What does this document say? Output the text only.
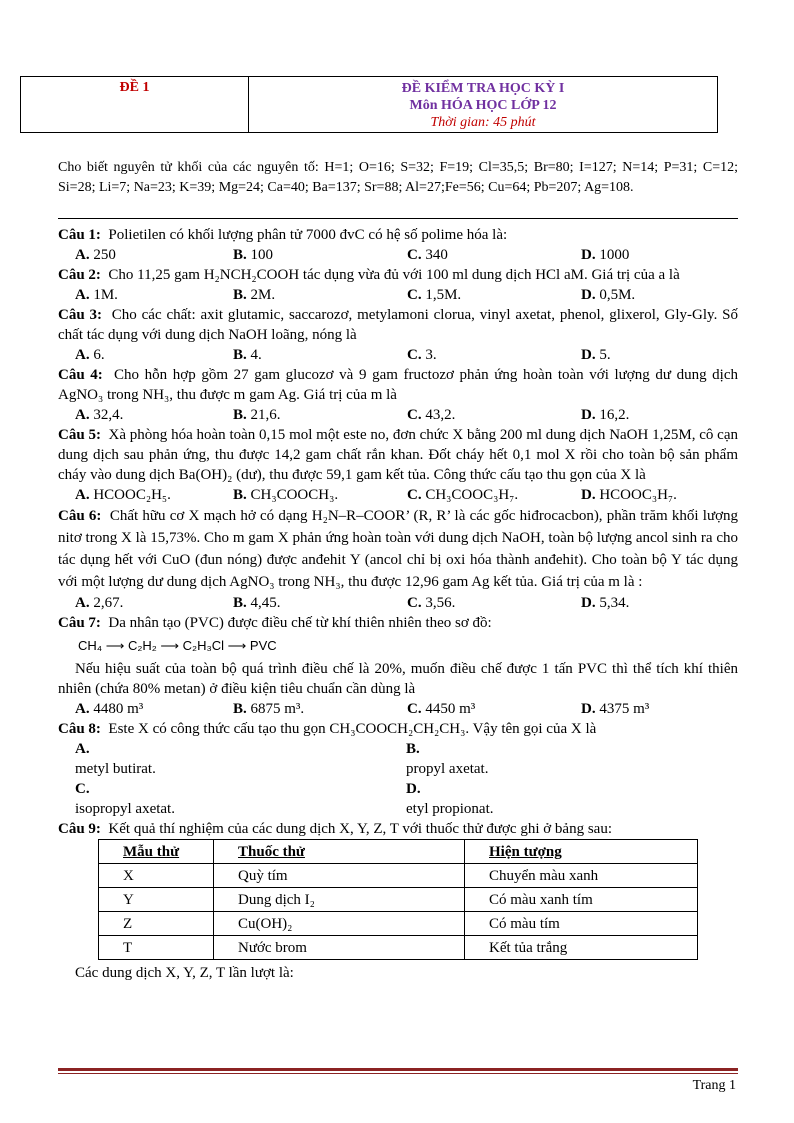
ĐỀ 1	ĐỀ KIỂM TRA HỌC KỲ I
Môn HÓA HỌC LỚP 12
Thời gian: 45 phút
Cho biết nguyên tử khối của các nguyên tố: H=1; O=16; S=32; F=19; Cl=35,5; Br=80; I=127; N=14; P=31; C=12; Si=28; Li=7; Na=23; K=39; Mg=24; Ca=40; Ba=137; Sr=88; Al=27;Fe=56; Cu=64; Pb=207; Ag=108.

Câu 1: Polietilen có khối lượng phân tử 7000 đvC có hệ số polime hóa là:

A. 250	B. 100	C. 340	D. 1000

Câu 2: Cho 11,25 gam H₂NCH₂COOH tác dụng vừa đủ với 100 ml dung dịch HCl aM. Giá trị của a là

A. 1M.	B. 2M.	C. 1,5M.	D. 0,5M.

Câu 3: Cho các chất: axit glutamic, saccarozơ, metylamoni clorua, vinyl axetat, phenol, glixerol, Gly-Gly. Số chất tác dụng với dung dịch NaOH loãng, nóng là

A. 6.	B. 4.	C. 3.	D. 5.

Câu 4: Cho hỗn hợp gồm 27 gam glucozơ và 9 gam fructozơ phản ứng hoàn toàn với lượng dư dung dịch AgNO₃ trong NH₃, thu được m gam Ag. Giá trị của m là

A. 32,4.	B. 21,6.	C. 43,2.	D. 16,2.

Câu 5: Xà phòng hóa hoàn toàn 0,15 mol một este no, đơn chức X bằng 200 ml dung dịch NaOH 1,25M, cô cạn dung dịch sau phản ứng, thu được 14,2 gam chất rắn khan. Đốt cháy hết 0,1 mol X rồi cho toàn bộ sản phẩm cháy vào dung dịch Ba(OH)₂ (dư), thu được 59,1 gam kết tủa. Công thức cấu tạo thu gọn của X là

A. HCOOC₂H₅.	B. CH₃COOCH₃.	C. CH₃COOC₃H₇.	D. HCOOC₃H₇.

Câu 6: Chất hữu cơ X mạch hở có dạng H₂N–R–COOR’ (R, R’ là các gốc hiđrocacbon), phần trăm khối lượng nitơ trong X là 15,73%. Cho m gam X phản ứng hoàn toàn với dung dịch NaOH, toàn bộ lượng ancol sinh ra cho tác dụng hết với CuO (đun nóng) được anđehit Y (ancol chỉ bị oxi hóa thành anđehit). Cho toàn bộ Y tác dụng với một lượng dư dung dịch AgNO₃ trong NH₃, thu được 12,96 gam Ag kết tủa. Giá trị của m là :

A. 2,67.	B. 4,45.	C. 3,56.	D. 5,34.

Câu 7: Da nhân tạo (PVC) được điều chế từ khí thiên nhiên theo sơ đồ:

CH₄ ⟶ C₂H₂ ⟶ C₂H₃Cl ⟶ PVC

Nếu hiệu suất của toàn bộ quá trình điều chế là 20%, muốn điều chế được 1 tấn PVC thì thể tích khí thiên nhiên (chứa 80% metan) ở điều kiện tiêu chuẩn cần dùng là

A. 4480 m³	B. 6875 m³.	C. 4450 m³	D. 4375 m³

Câu 8: Este X có công thức cấu tạo thu gọn CH₃COOCH₂CH₂CH₃. Vậy tên gọi của X là

A. metyl butirat.
B. propyl axetat.
C. isopropyl axetat.
D. etyl propionat.

Câu 9: Kết quả thí nghiệm của các dung dịch X, Y, Z, T với thuốc thử được ghi ở bảng sau:

Mẫu thử	Thuốc thử	Hiện tượng
X	Quỳ tím	Chuyển màu xanh
Y	Dung dịch I₂	Có màu xanh tím
Z	Cu(OH)₂	Có màu tím
T	Nước brom	Kết tủa trắng

Các dung dịch X, Y, Z, T lần lượt là:

Trang 1
